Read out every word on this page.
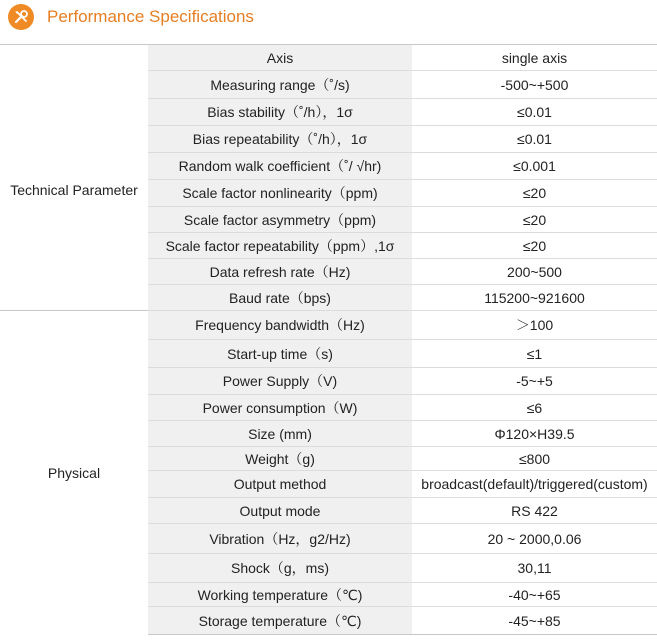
Performance Specifications
	Axis	single axis
Technical Parameter	Measuring range（˚/s)	-500~+500
	Bias stability（˚/h），1σ	≤0.01
	Bias repeatability（˚/h），1σ	≤0.01
	Random walk coefficient（˚/ √hr)	≤0.001
	Scale factor nonlinearity（ppm)	≤20
	Scale factor asymmetry（ppm)	≤20
	Scale factor repeatability（ppm）,1σ	≤20
	Data refresh rate（Hz)	200~500
	Baud rate（bps)	115200~921600
Physical	Frequency bandwidth（Hz)	＞100
	Start-up time（s)	≤1
	Power Supply（V)	-5~+5
	Power consumption（W)	≤6
	Size (mm)	Φ120×H39.5
	Weight（g)	≤800
	Output method	broadcast(default)/triggered(custom)
	Output mode	RS 422
	Vibration（Hz，g2/Hz)	20 ~ 2000,0.06
	Shock（g，ms)	30,11
	Working temperature（℃)	-40~+65
	Storage temperature（℃)	-45~+85
